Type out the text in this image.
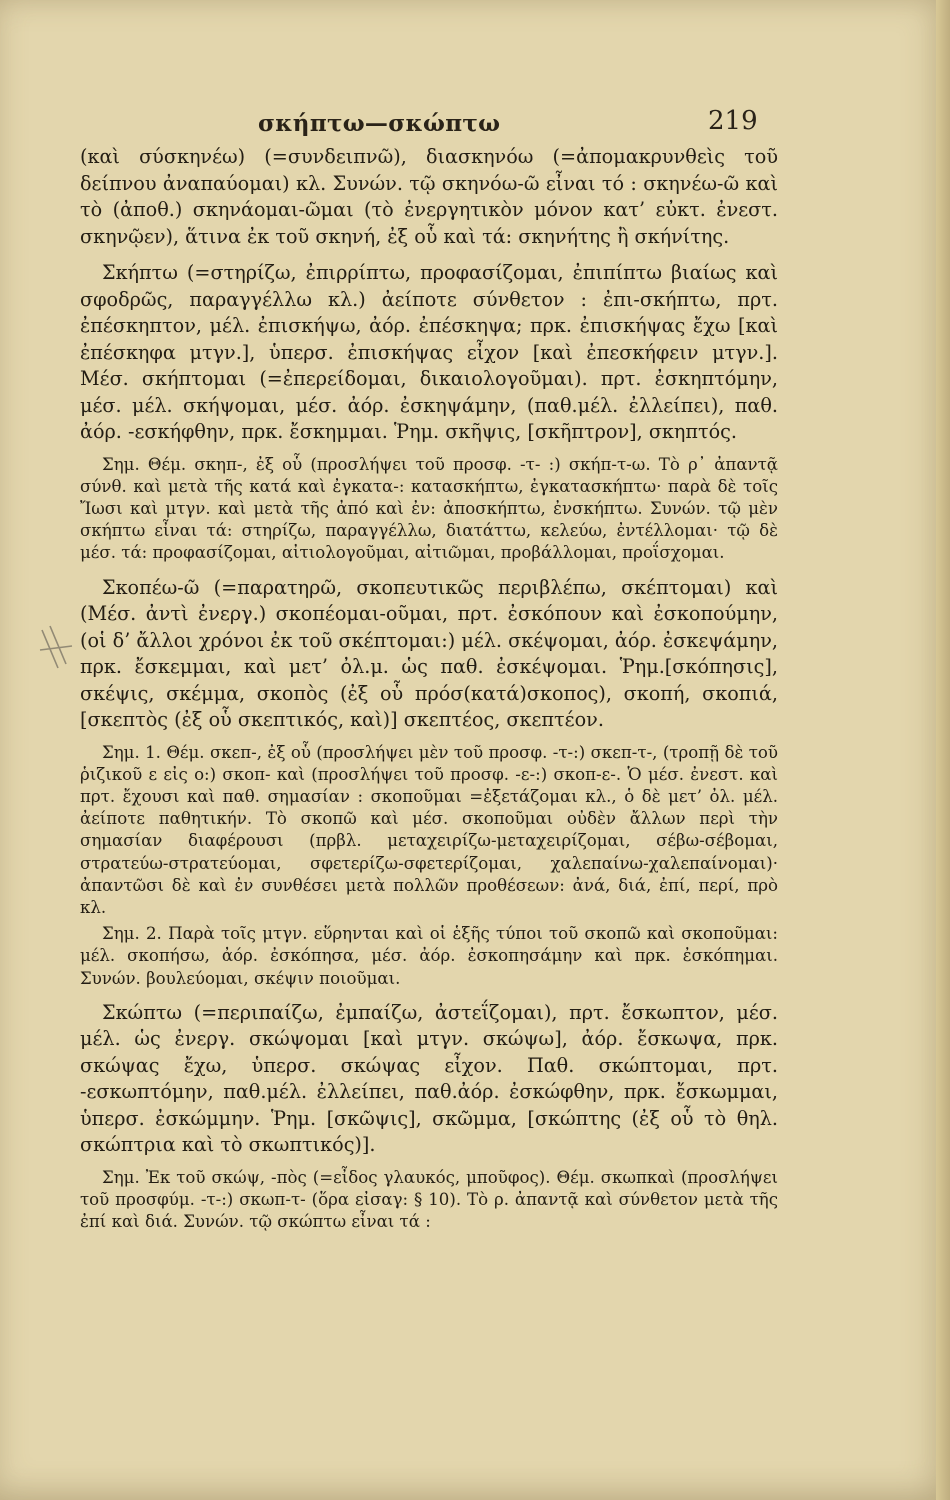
σκήπτω—σκώπτω	219

(καὶ σύσκηνέω) (=συνδειπνῶ), διασκηνόω (=ἀπομακρυνθεὶς τοῦ δείπνου ἀναπαύομαι) κλ. Συνών. τῷ σκηνόω-ῶ εἶναι τό : σκηνέω-ῶ καὶ τὸ (ἀποθ.) σκηνάομαι-ῶμαι (τὸ ἐνεργητικὸν μόνον κατ’ εὐκτ. ἐνεστ. σκηνῷεν), ἅτινα ἐκ τοῦ σκηνή, ἐξ οὗ καὶ τά: σκηνήτης ἢ σκήνίτης.

Σκήπτω (=στηρίζω, ἐπιρρίπτω, προφασίζομαι, ἐπιπίπτω βιαίως καὶ σφοδρῶς, παραγγέλλω κλ.) ἀείποτε σύνθετον : ἐπι-σκήπτω, πρτ. ἐπέσκηπτον, μέλ. ἐπισκήψω, ἀόρ. ἐπέσκηψα; πρκ. ἐπισκήψας ἔχω [καὶ ἐπέσκηφα μτγν.], ὑπερσ. ἐπισκήψας εἶχον [καὶ ἐπεσκήφειν μτγν.]. Μέσ. σκήπτομαι (=ἐπερείδομαι, δικαιολογοῦμαι). πρτ. ἐσκηπτόμην, μέσ. μέλ. σκήψομαι, μέσ. ἀόρ. ἐσκηψάμην, (παθ.μέλ. ἐλλείπει), παθ. ἀόρ. -εσκήφθην, πρκ. ἔσκημμαι. Ῥημ. σκῆψις, [σκῆπτρον], σκηπτός.

Σημ. Θέμ. σκηπ-, ἐξ οὗ (προσλήψει τοῦ προσφ. -τ- :) σκήπ-τ-ω. Τὸ ρ᾽ ἀπαντᾷ σύνθ. καὶ μετὰ τῆς κατά καὶ ἐγκατα-: κατασκήπτω, ἐγκατασκήπτω· παρὰ δὲ τοῖς Ἴωσι καὶ μτγν. καὶ μετὰ τῆς ἀπό καὶ ἐν: ἀποσκήπτω, ἐνσκήπτω. Συνών. τῷ μὲν σκήπτω εἶναι τά: στηρίζω, παραγγέλλω, διατάττω, κελεύω, ἐντέλλομαι· τῷ δὲ μέσ. τά: προφασίζομαι, αἰτιολογοῦμαι, αἰτιῶμαι, προβάλλομαι, προΐσχομαι.

Σκοπέω-ῶ (=παρατηρῶ, σκοπευτικῶς περιβλέπω, σκέπτομαι) καὶ (Μέσ. ἀντὶ ἐνεργ.) σκοπέομαι-οῦμαι, πρτ. ἐσκόπουν καὶ ἐσκοπούμην, (οἱ δ’ ἄλλοι χρόνοι ἐκ τοῦ σκέπτομαι:) μέλ. σκέψομαι, ἀόρ. ἐσκεψάμην, πρκ. ἔσκεμμαι, καὶ μετ’ ὀλ.μ. ὡς παθ. ἐσκέψομαι. Ῥημ.[σκόπησις], σκέψις, σκέμμα, σκοπὸς (ἐξ οὗ πρόσ(κατά)σκοπος), σκοπή, σκοπιά, [σκεπτὸς (ἐξ οὗ σκεπτικός, καὶ)] σκεπτέος, σκεπτέον.

Σημ. 1. Θέμ. σκεπ-, ἐξ οὗ (προσλήψει μὲν τοῦ προσφ. -τ-:) σκεπ-τ-, (τροπῇ δὲ τοῦ ῥιζικοῦ ε εἰς ο:) σκοπ- καὶ (προσλήψει τοῦ προσφ. -ε-:) σκοπ-ε-. Ὁ μέσ. ἐνεστ. καὶ πρτ. ἔχουσι καὶ παθ. σημασίαν : σκοποῦμαι =ἐξετάζομαι κλ., ὁ δὲ μετ’ ὀλ. μέλ. ἀείποτε παθητικήν. Τὸ σκοπῶ καὶ μέσ. σκοποῦμαι οὐδὲν ἄλλων περὶ τὴν σημασίαν διαφέρουσι (πρβλ. μεταχειρίζω-μεταχειρίζομαι, σέβω-σέβομαι, στρατεύω-στρατεύομαι, σφετερίζω-σφετερίζομαι, χαλεπαίνω-χαλεπαίνομαι)· ἀπαντῶσι δὲ καὶ ἐν συνθέσει μετὰ πολλῶν προθέσεων: ἀνά, διά, ἐπί, περί, πρὸ κλ.

Σημ. 2. Παρὰ τοῖς μτγν. εὕρηνται καὶ οἱ ἑξῆς τύποι τοῦ σκοπῶ καὶ σκοποῦμαι: μέλ. σκοπήσω, ἀόρ. ἐσκόπησα, μέσ. ἀόρ. ἐσκοπησάμην καὶ πρκ. ἐσκόπημαι. Συνών. βουλεύομαι, σκέψιν ποιοῦμαι.

Σκώπτω (=περιπαίζω, ἐμπαίζω, ἀστεΐζομαι), πρτ. ἔσκωπτον, μέσ. μέλ. ὡς ἐνεργ. σκώψομαι [καὶ μτγν. σκώψω], ἀόρ. ἔσκωψα, πρκ. σκώψας ἔχω, ὑπερσ. σκώψας εἶχον. Παθ. σκώπτομαι, πρτ. -εσκωπτόμην, παθ.μέλ. ἐλλείπει, παθ.ἀόρ. ἐσκώφθην, πρκ. ἔσκωμμαι, ὑπερσ. ἐσκώμμην. Ῥημ. [σκῶψις], σκῶμμα, [σκώπτης (ἐξ οὗ τὸ θηλ. σκώπτρια καὶ τὸ σκωπτικός)].

Σημ. Ἐκ τοῦ σκώψ, -πὸς (=εἶδος γλαυκός, μποῦφος). Θέμ. σκωπκαὶ (προσλήψει τοῦ προσφύμ. -τ-:) σκωπ-τ- (ὅρα εἰσαγ: § 10). Τὸ ρ. ἀπαντᾷ καὶ σύνθετον μετὰ τῆς ἐπί καὶ διά. Συνών. τῷ σκώπτω εἶναι τά :
